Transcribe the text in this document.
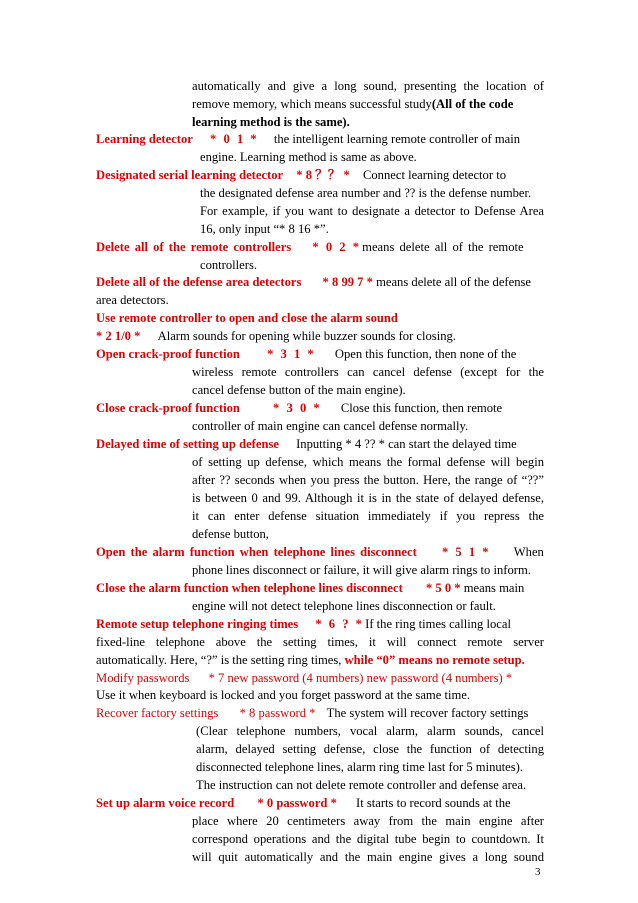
automatically and give a long sound, presenting the location of
remove memory, which means successful study(All of the code
learning method is the same).
Learning detector * 0 1 * the intelligent learning remote controller of main
engine. Learning method is same as above.
Designated serial learning detector * 8 ？？ * Connect learning detector to
the designated defense area number and ?? is the defense number.
For example, if you want to designate a detector to Defense Area
16, only input “* 8 16 *”.
Delete all of the remote controllers * 0 2 * means delete all of the remote
controllers.
Delete all of the defense area detectors * 8 99 7 * means delete all of the defense
area detectors.
Use remote controller to open and close the alarm sound
* 2 1/0 * Alarm sounds for opening while buzzer sounds for closing.
Open crack-proof function * 3 1 * Open this function, then none of the
wireless remote controllers can cancel defense (except for the
cancel defense button of the main engine).
Close crack-proof function	* 3 0 * Close this function, then remote
controller of main engine can cancel defense normally.
Delayed time of setting up defense Inputting * 4 ?? * can start the delayed time
of setting up defense, which means the formal defense will begin
after ?? seconds when you press the button. Here, the range of “??”
is between 0 and 99. Although it is in the state of delayed defense,
it can enter defense situation immediately if you repress the
defense button,
Open the alarm function when telephone lines disconnect * 5 1 * When
phone lines disconnect or failure, it will give alarm rings to inform.
Close the alarm function when telephone lines disconnect * 5 0 * means main
engine will not detect telephone lines disconnection or fault.
Remote setup telephone ringing times * 6 ? * If the ring times calling local
fixed-line telephone above the setting times, it will connect remote server
automatically. Here, “?” is the setting ring times, while “0” means no remote setup.
Modify passwords * 7 new password (4 numbers) new password (4 numbers) *
Use it when keyboard is locked and you forget password at the same time.
Recover factory settings * 8 password * The system will recover factory settings
(Clear telephone numbers, vocal alarm, alarm sounds, cancel
alarm, delayed setting defense, close the function of detecting
disconnected telephone lines, alarm ring time last for 5 minutes).
The instruction can not delete remote controller and defense area.
Set up alarm voice record * 0 password * It starts to record sounds at the
place where 20 centimeters away from the main engine after
correspond operations and the digital tube begin to countdown. It
will quit automatically and the main engine gives a long sound
3
